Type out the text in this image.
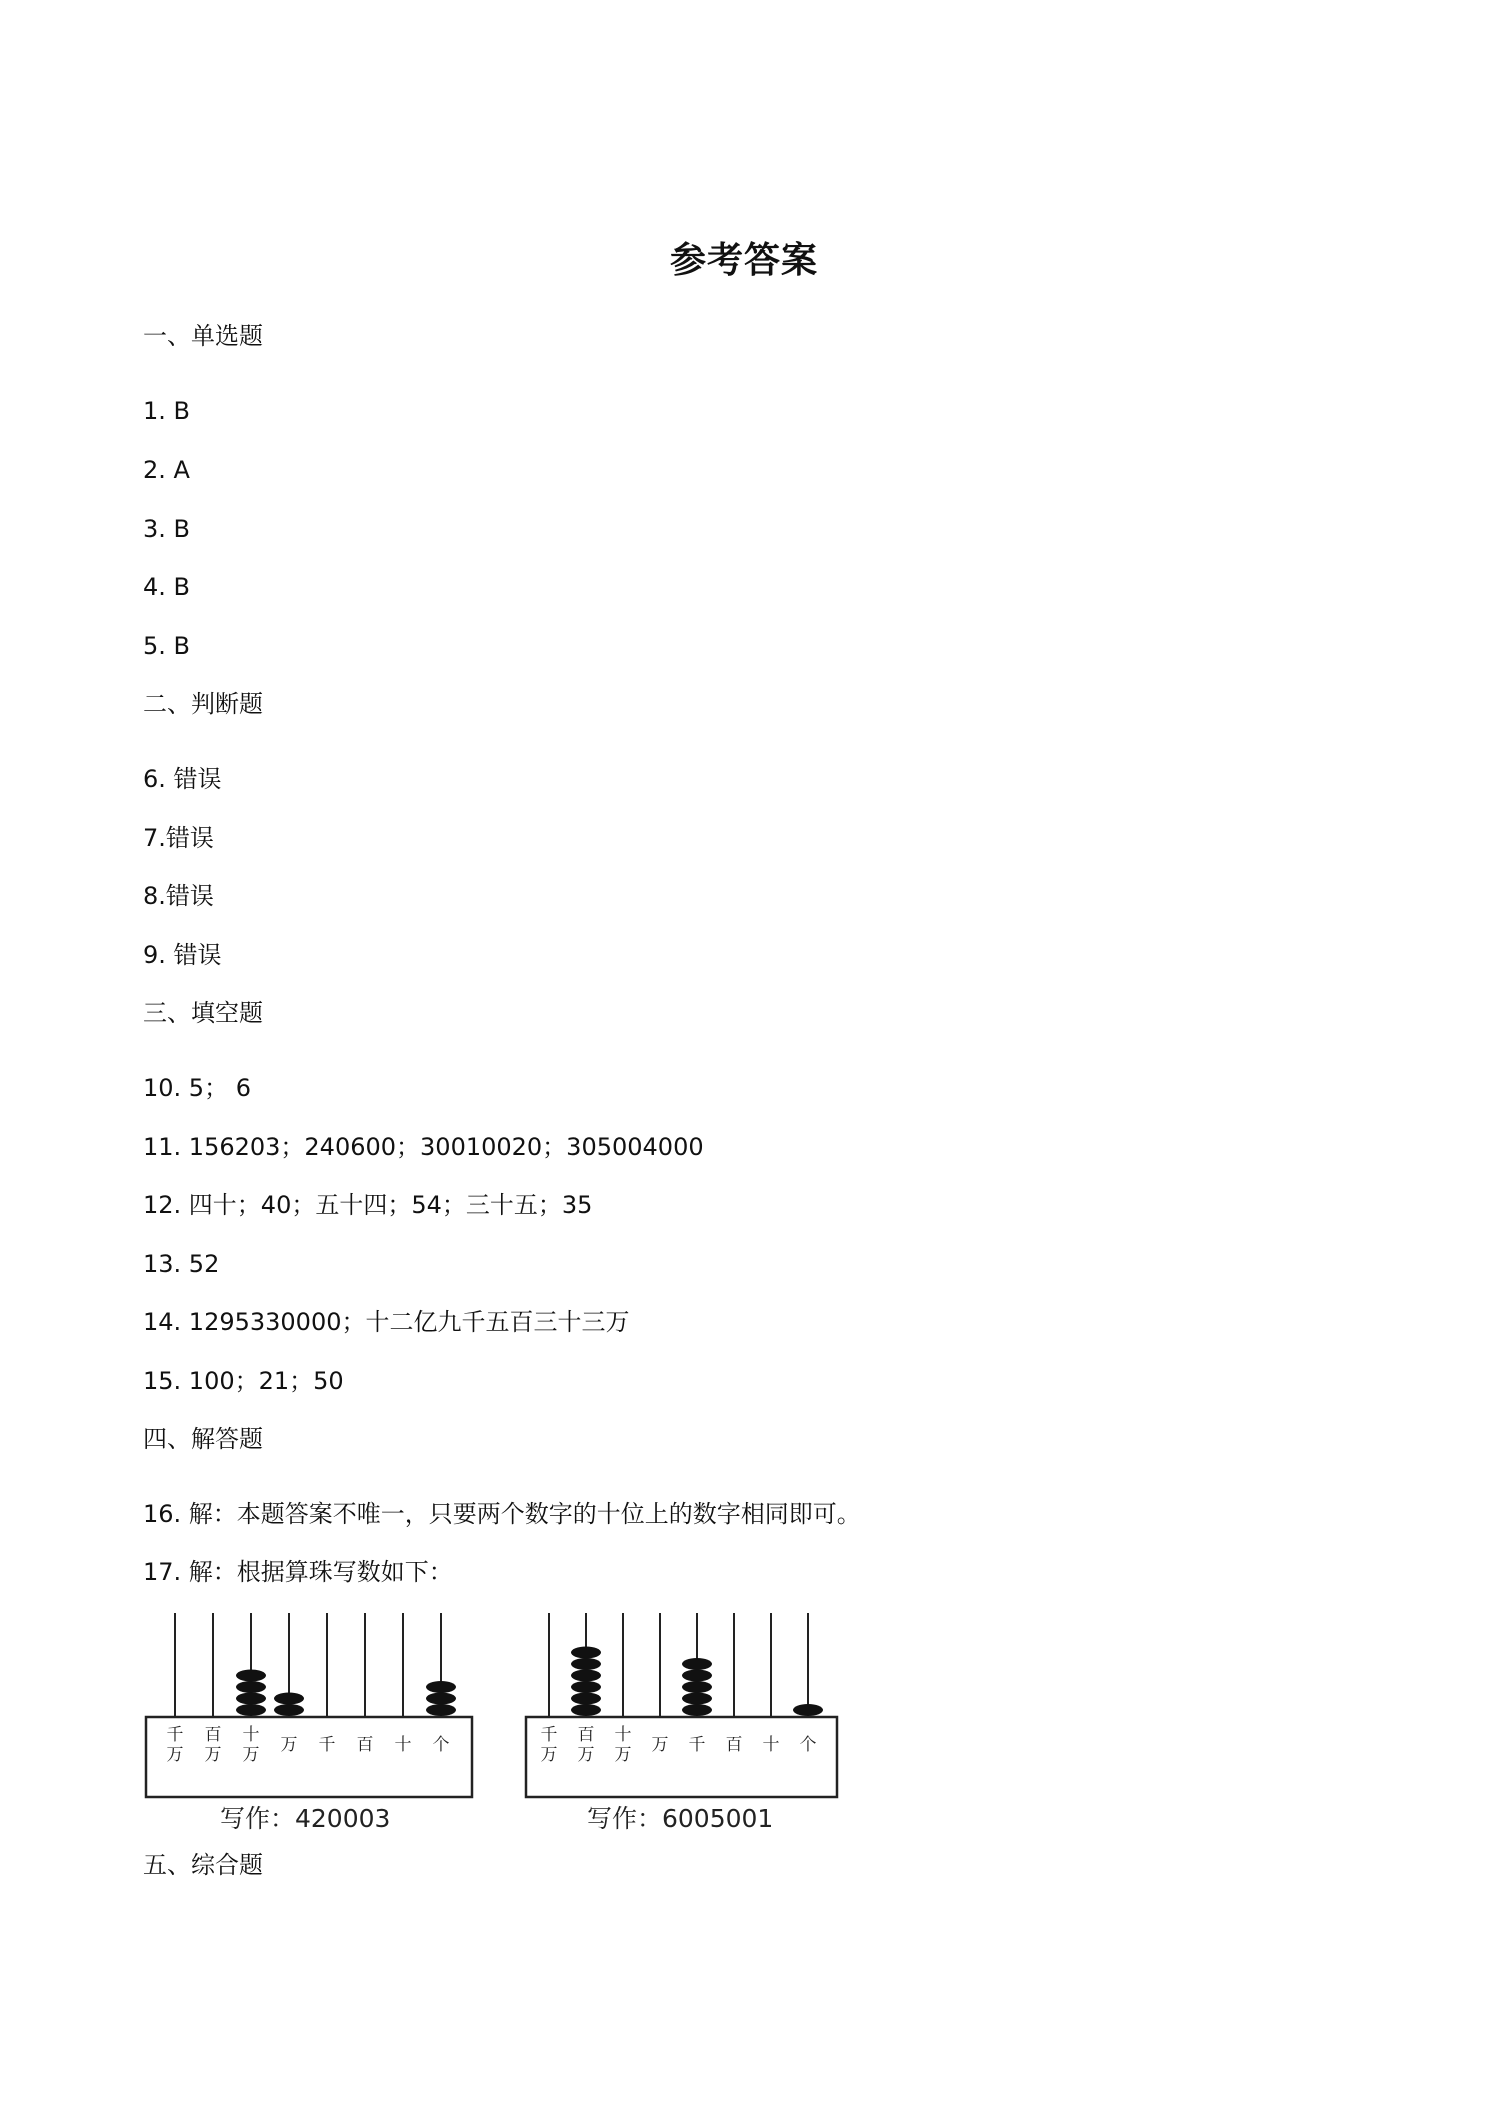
参考答案
一、单选题
1. B
2. A
3. B
4. B
5. B
二、判断题
6. 错误
7.错误
8.错误
9. 错误
三、填空题
10. 5； 6
11. 156203；240600；30010020；305004000
12. 四十；40；五十四；54；三十五；35
13. 52
14. 1295330000；十二亿九千五百三十三万
15. 100；21；50
四、解答题
16. 解：本题答案不唯一，只要两个数字的十位上的数字相同即可。
17. 解：根据算珠写数如下：
千
万
百
万
十
万 万 千 百 十 个
写作：420003
千
万
百
万
十
万 万 千 百 十 个
写作：6005001
五、综合题
